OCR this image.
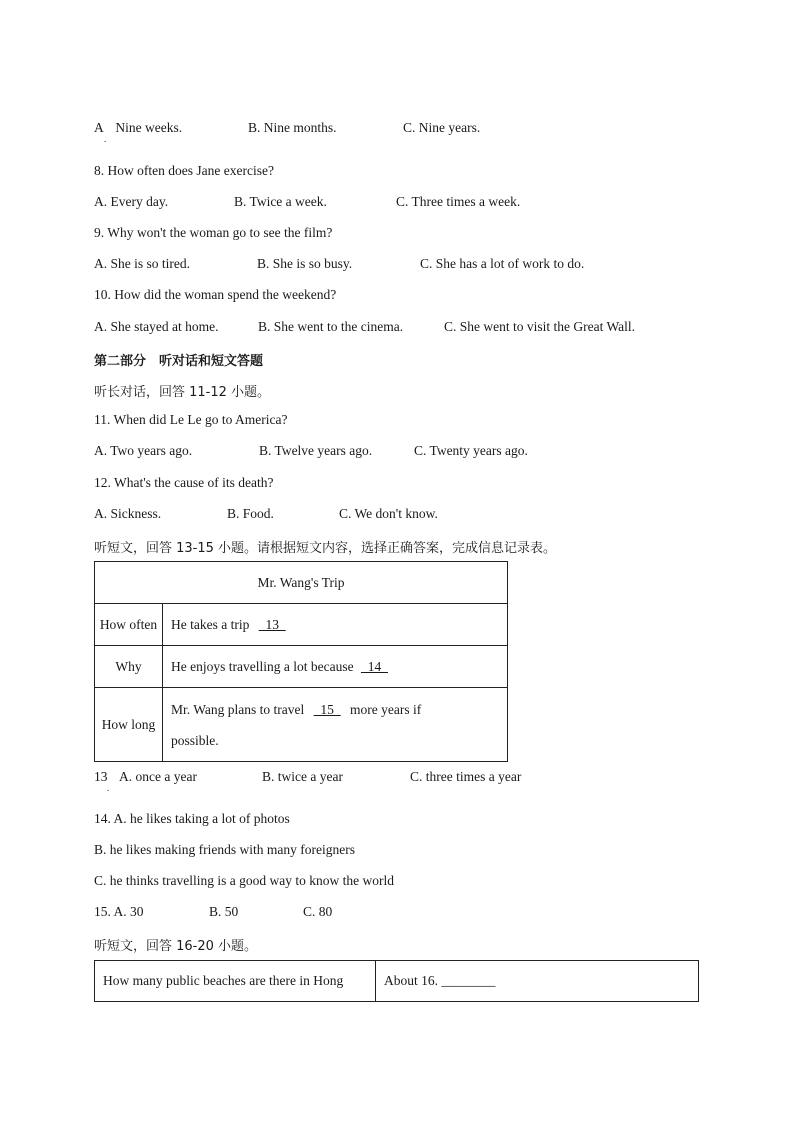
A Nine weeks.
.
B. Nine months.	C. Nine years.
8. How often does Jane exercise?
A. Every day.	B. Twice a week.	C. Three times a week.
9. Why won't the woman go to see the film?
A. She is so tired.	B. She is so busy.	C. She has a lot of work to do.
10. How did the woman spend the weekend?
A. She stayed at home.	B. She went to the cinema.	C. She went to visit the Great Wall.
第二部分　听对话和短文答题
听长对话，回答 11-12 小题。
11. When did Le Le go to America?
A. Two years ago.	B. Twelve years ago.	C. Twenty years ago.
12. What's the cause of its death?
A. Sickness.	B. Food.	C. We don't know.
听短文，回答 13-15 小题。请根据短文内容，选择正确答案，完成信息记录表。
Mr. Wang's Trip	
How often	He takes a trip   13
Why	He enjoys travelling a lot because   14
How long	Mr. Wang plans to travel   15   more years if
possible.
13
.
A. once a year	B. twice a year	C. three times a year
14. A. he likes taking a lot of photos
B. he likes making friends with many foreigners
C. he thinks travelling is a good way to know the world
15. A. 30	B. 50	C. 80
听短文，回答 16-20 小题。
How many public beaches are there in Hong	About 16. ________
